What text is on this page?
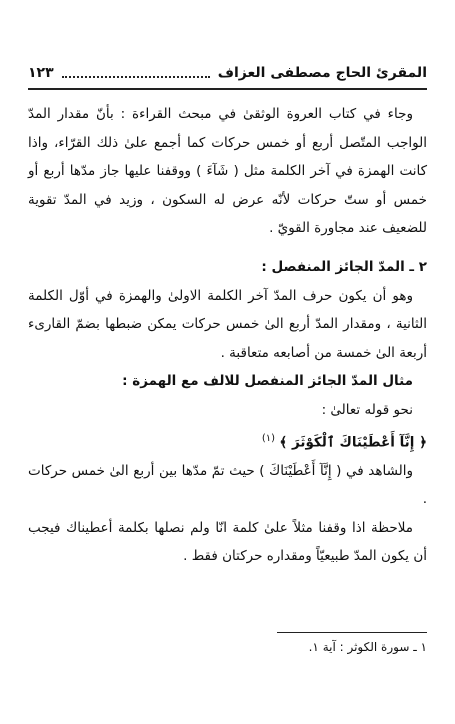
المقرئ الحاج مصطفى العزاف
١٢٣

وجاء في كتاب العروة الوثقىٰ في مبحث القراءة : بأنّ مقدار المدّ الواجب المتّصل أربع أو خمس حركات كما أجمع علىٰ ذلك القرّاء، واذا كانت الهمزة في آخر الكلمة مثل ( شَآءَ ) ووقفنا عليها جاز مدّها أربع أو خمس أو ستّ حركات لأنّه عرض له السكون ، وزيد في المدّ تقوية للضعيف عند مجاورة القويّ .

٢ ـ المدّ الجائز المنفصل :

وهو أن يكون حرف المدّ آخر الكلمة الاولىٰ والهمزة في أوّل الكلمة الثانية ، ومقدار المدّ أربع الىٰ خمس حركات يمكن ضبطها بضمّ القارىء أربعة الىٰ خمسة من أصابعه متعاقبة .

مثال المدّ الجائز المنفصل للالف مع الهمزة :

نحو قوله تعالىٰ :

﴿ إِنَّآ أَعْطَيْنَاكَ ٱلْكَوْثَرَ ﴾ $^{(١)}$

والشاهد في ( إِنَّآ أَعْطَيْنَاكَ ) حيث تمّ مدّها بين أربع الىٰ خمس حركات .

ملاحظة اذا وقفنا مثلاً علىٰ كلمة انّا ولم نصلها بكلمة أعطيناك فيجب أن يكون المدّ طبيعيّاً ومقداره حركتان فقط .

١ ـ سورة الكوثر : آية ١.
